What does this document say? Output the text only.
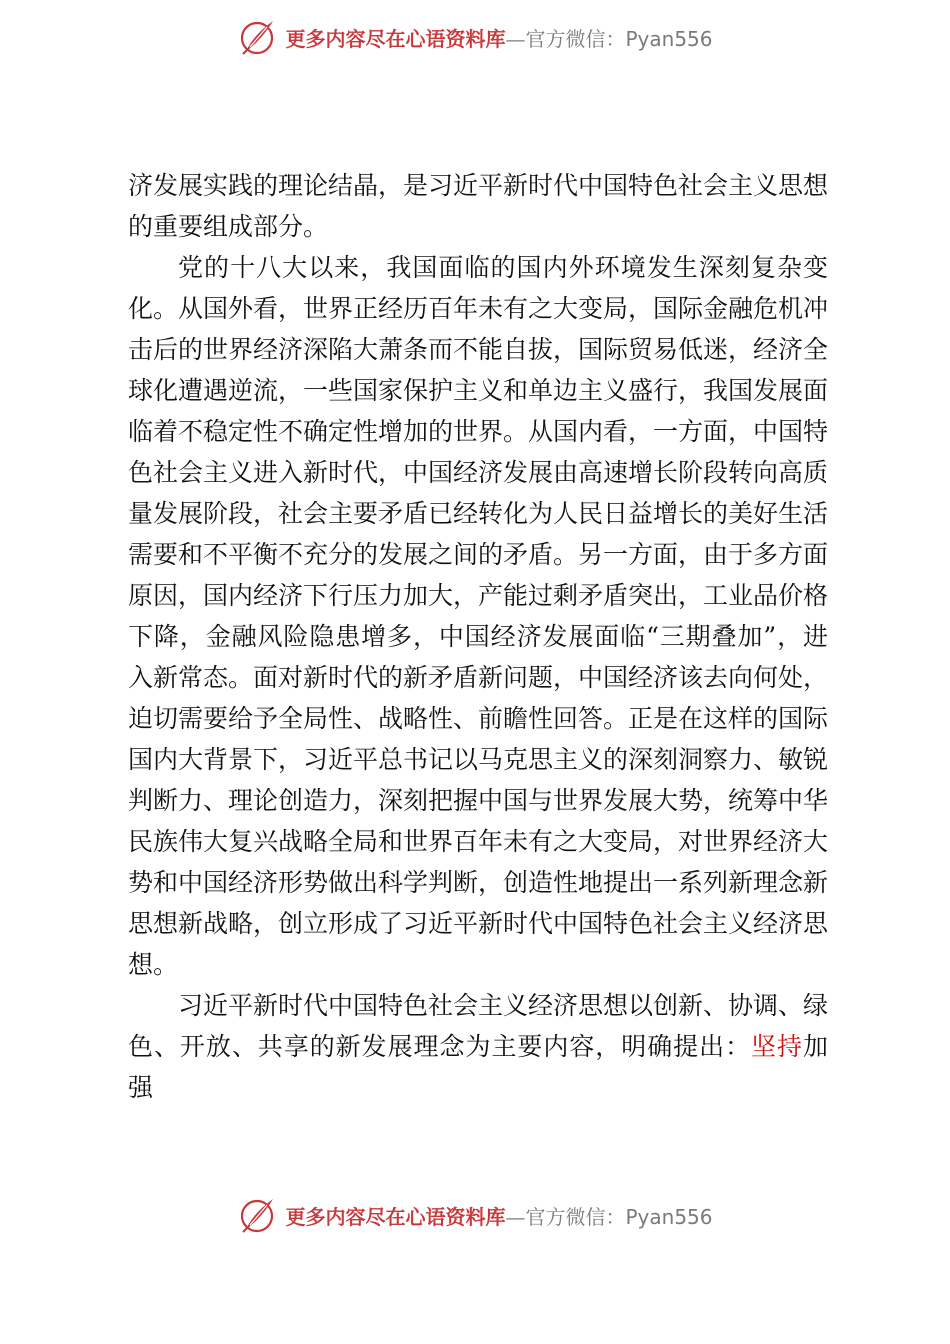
更多内容尽在心语资料库—官方微信：Pyan556

济发展实践的理论结晶，是习近平新时代中国特色社会主义思想的重要组成部分。

党的十八大以来，我国面临的国内外环境发生深刻复杂变化。从国外看，世界正经历百年未有之大变局，国际金融危机冲击后的世界经济深陷大萧条而不能自拔，国际贸易低迷，经济全球化遭遇逆流，一些国家保护主义和单边主义盛行，我国发展面临着不稳定性不确定性增加的世界。从国内看，一方面，中国特色社会主义进入新时代，中国经济发展由高速增长阶段转向高质量发展阶段，社会主要矛盾已经转化为人民日益增长的美好生活需要和不平衡不充分的发展之间的矛盾。另一方面，由于多方面原因，国内经济下行压力加大，产能过剩矛盾突出，工业品价格下降，金融风险隐患增多，中国经济发展面临“三期叠加”，进入新常态。面对新时代的新矛盾新问题，中国经济该去向何处， 迫切需要给予全局性、战略性、前瞻性回答。正是在这样的国际国内大背景下，习近平总书记以马克思主义的深刻洞察力、敏锐判断力、理论创造力，深刻把握中国与世界发展大势，统筹中华民族伟大复兴战略全局和世界百年未有之大变局，对世界经济大势和中国经济形势做出科学判断，创造性地提出一系列新理念新思想新战略，创立形成了习近平新时代中国特色社会主义经济思想。

习近平新时代中国特色社会主义经济思想以创新、协调、绿色、开放、共享的新发展理念为主要内容，明确提出：坚持加强

更多内容尽在心语资料库—官方微信：Pyan556
